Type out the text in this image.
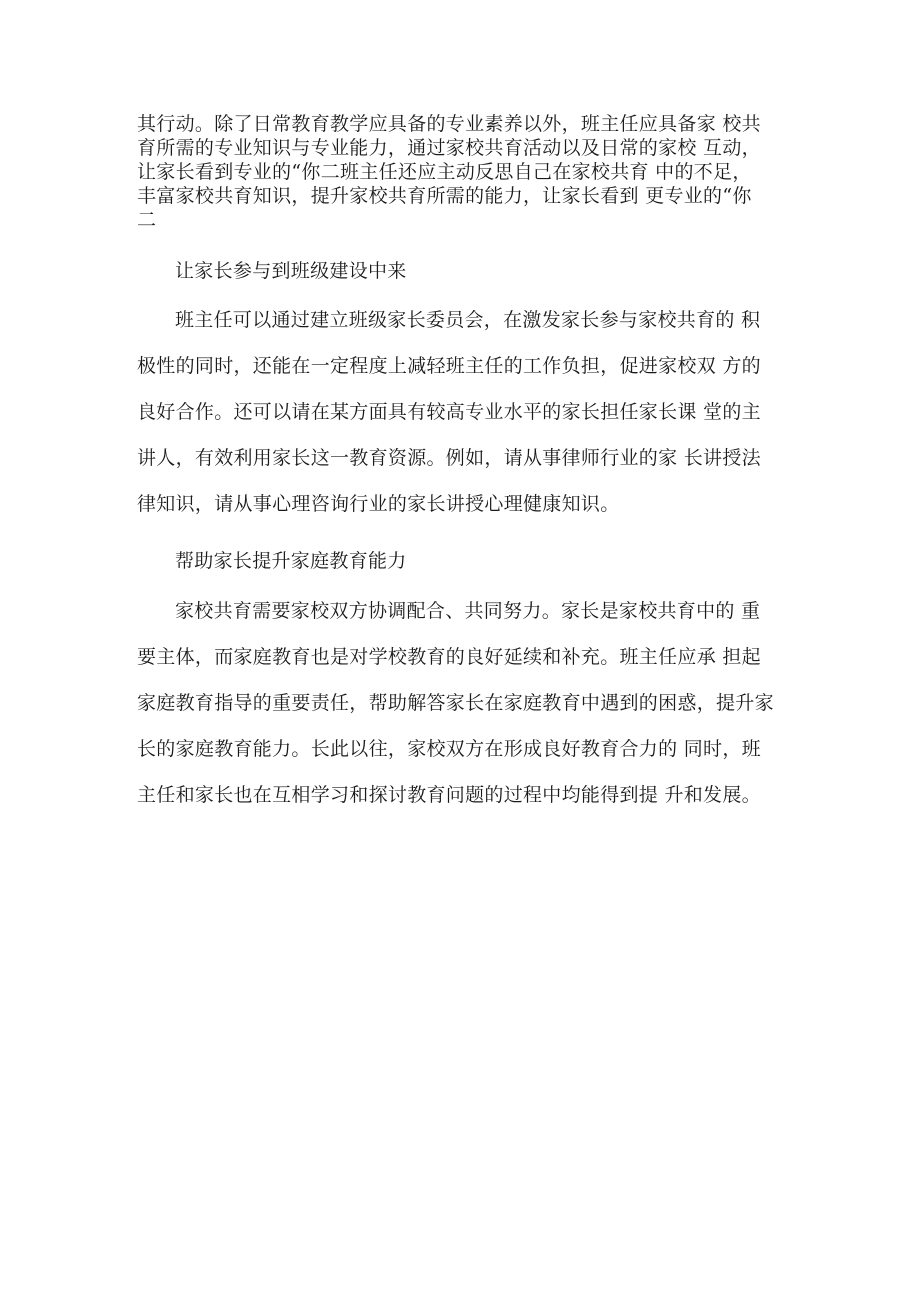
其行动。除了日常教育教学应具备的专业素养以外，班主任应具备家 校共
育所需的专业知识与专业能力，通过家校共育活动以及日常的家校 互动，
让家长看到专业的“你二班主任还应主动反思自己在家校共育 中的不足，
丰富家校共育知识，提升家校共育所需的能力，让家长看到 更专业的“你
二
让家长参与到班级建设中来
班主任可以通过建立班级家长委员会，在激发家长参与家校共育的 积
极性的同时，还能在一定程度上减轻班主任的工作负担，促进家校双 方的
良好合作。还可以请在某方面具有较高专业水平的家长担任家长课 堂的主
讲人，有效利用家长这一教育资源。例如，请从事律师行业的家 长讲授法
律知识，请从事心理咨询行业的家长讲授心理健康知识。
帮助家长提升家庭教育能力
家校共育需要家校双方协调配合、共同努力。家长是家校共育中的 重
要主体，而家庭教育也是对学校教育的良好延续和补充。班主任应承 担起
家庭教育指导的重要责任，帮助解答家长在家庭教育中遇到的困惑，提升家
长的家庭教育能力。长此以往，家校双方在形成良好教育合力的 同时，班
主任和家长也在互相学习和探讨教育问题的过程中均能得到提 升和发展。
